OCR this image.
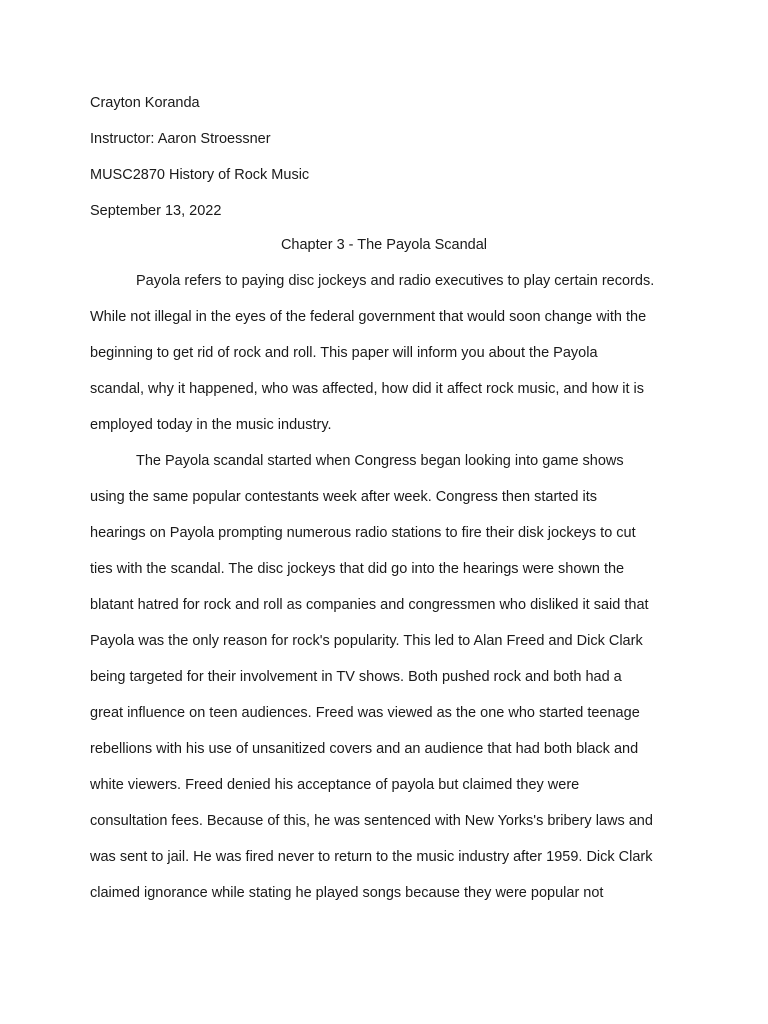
Crayton Koranda
Instructor: Aaron Stroessner
MUSC2870 History of Rock Music
September 13, 2022
Chapter 3 - The Payola Scandal
Payola refers to paying disc jockeys and radio executives to play certain records.
While not illegal in the eyes of the federal government that would soon change with the
beginning to get rid of rock and roll. This paper will inform you about the Payola
scandal, why it happened, who was affected, how did it affect rock music, and how it is
employed today in the music industry.
The Payola scandal started when Congress began looking into game shows
using the same popular contestants week after week. Congress then started its
hearings on Payola prompting numerous radio stations to fire their disk jockeys to cut
ties with the scandal. The disc jockeys that did go into the hearings were shown the
blatant hatred for rock and roll as companies and congressmen who disliked it said that
Payola was the only reason for rock's popularity. This led to Alan Freed and Dick Clark
being targeted for their involvement in TV shows. Both pushed rock and both had a
great influence on teen audiences. Freed was viewed as the one who started teenage
rebellions with his use of unsanitized covers and an audience that had both black and
white viewers. Freed denied his acceptance of payola but claimed they were
consultation fees. Because of this, he was sentenced with New Yorks's bribery laws and
was sent to jail. He was fired never to return to the music industry after 1959. Dick Clark
claimed ignorance while stating he played songs because they were popular not
